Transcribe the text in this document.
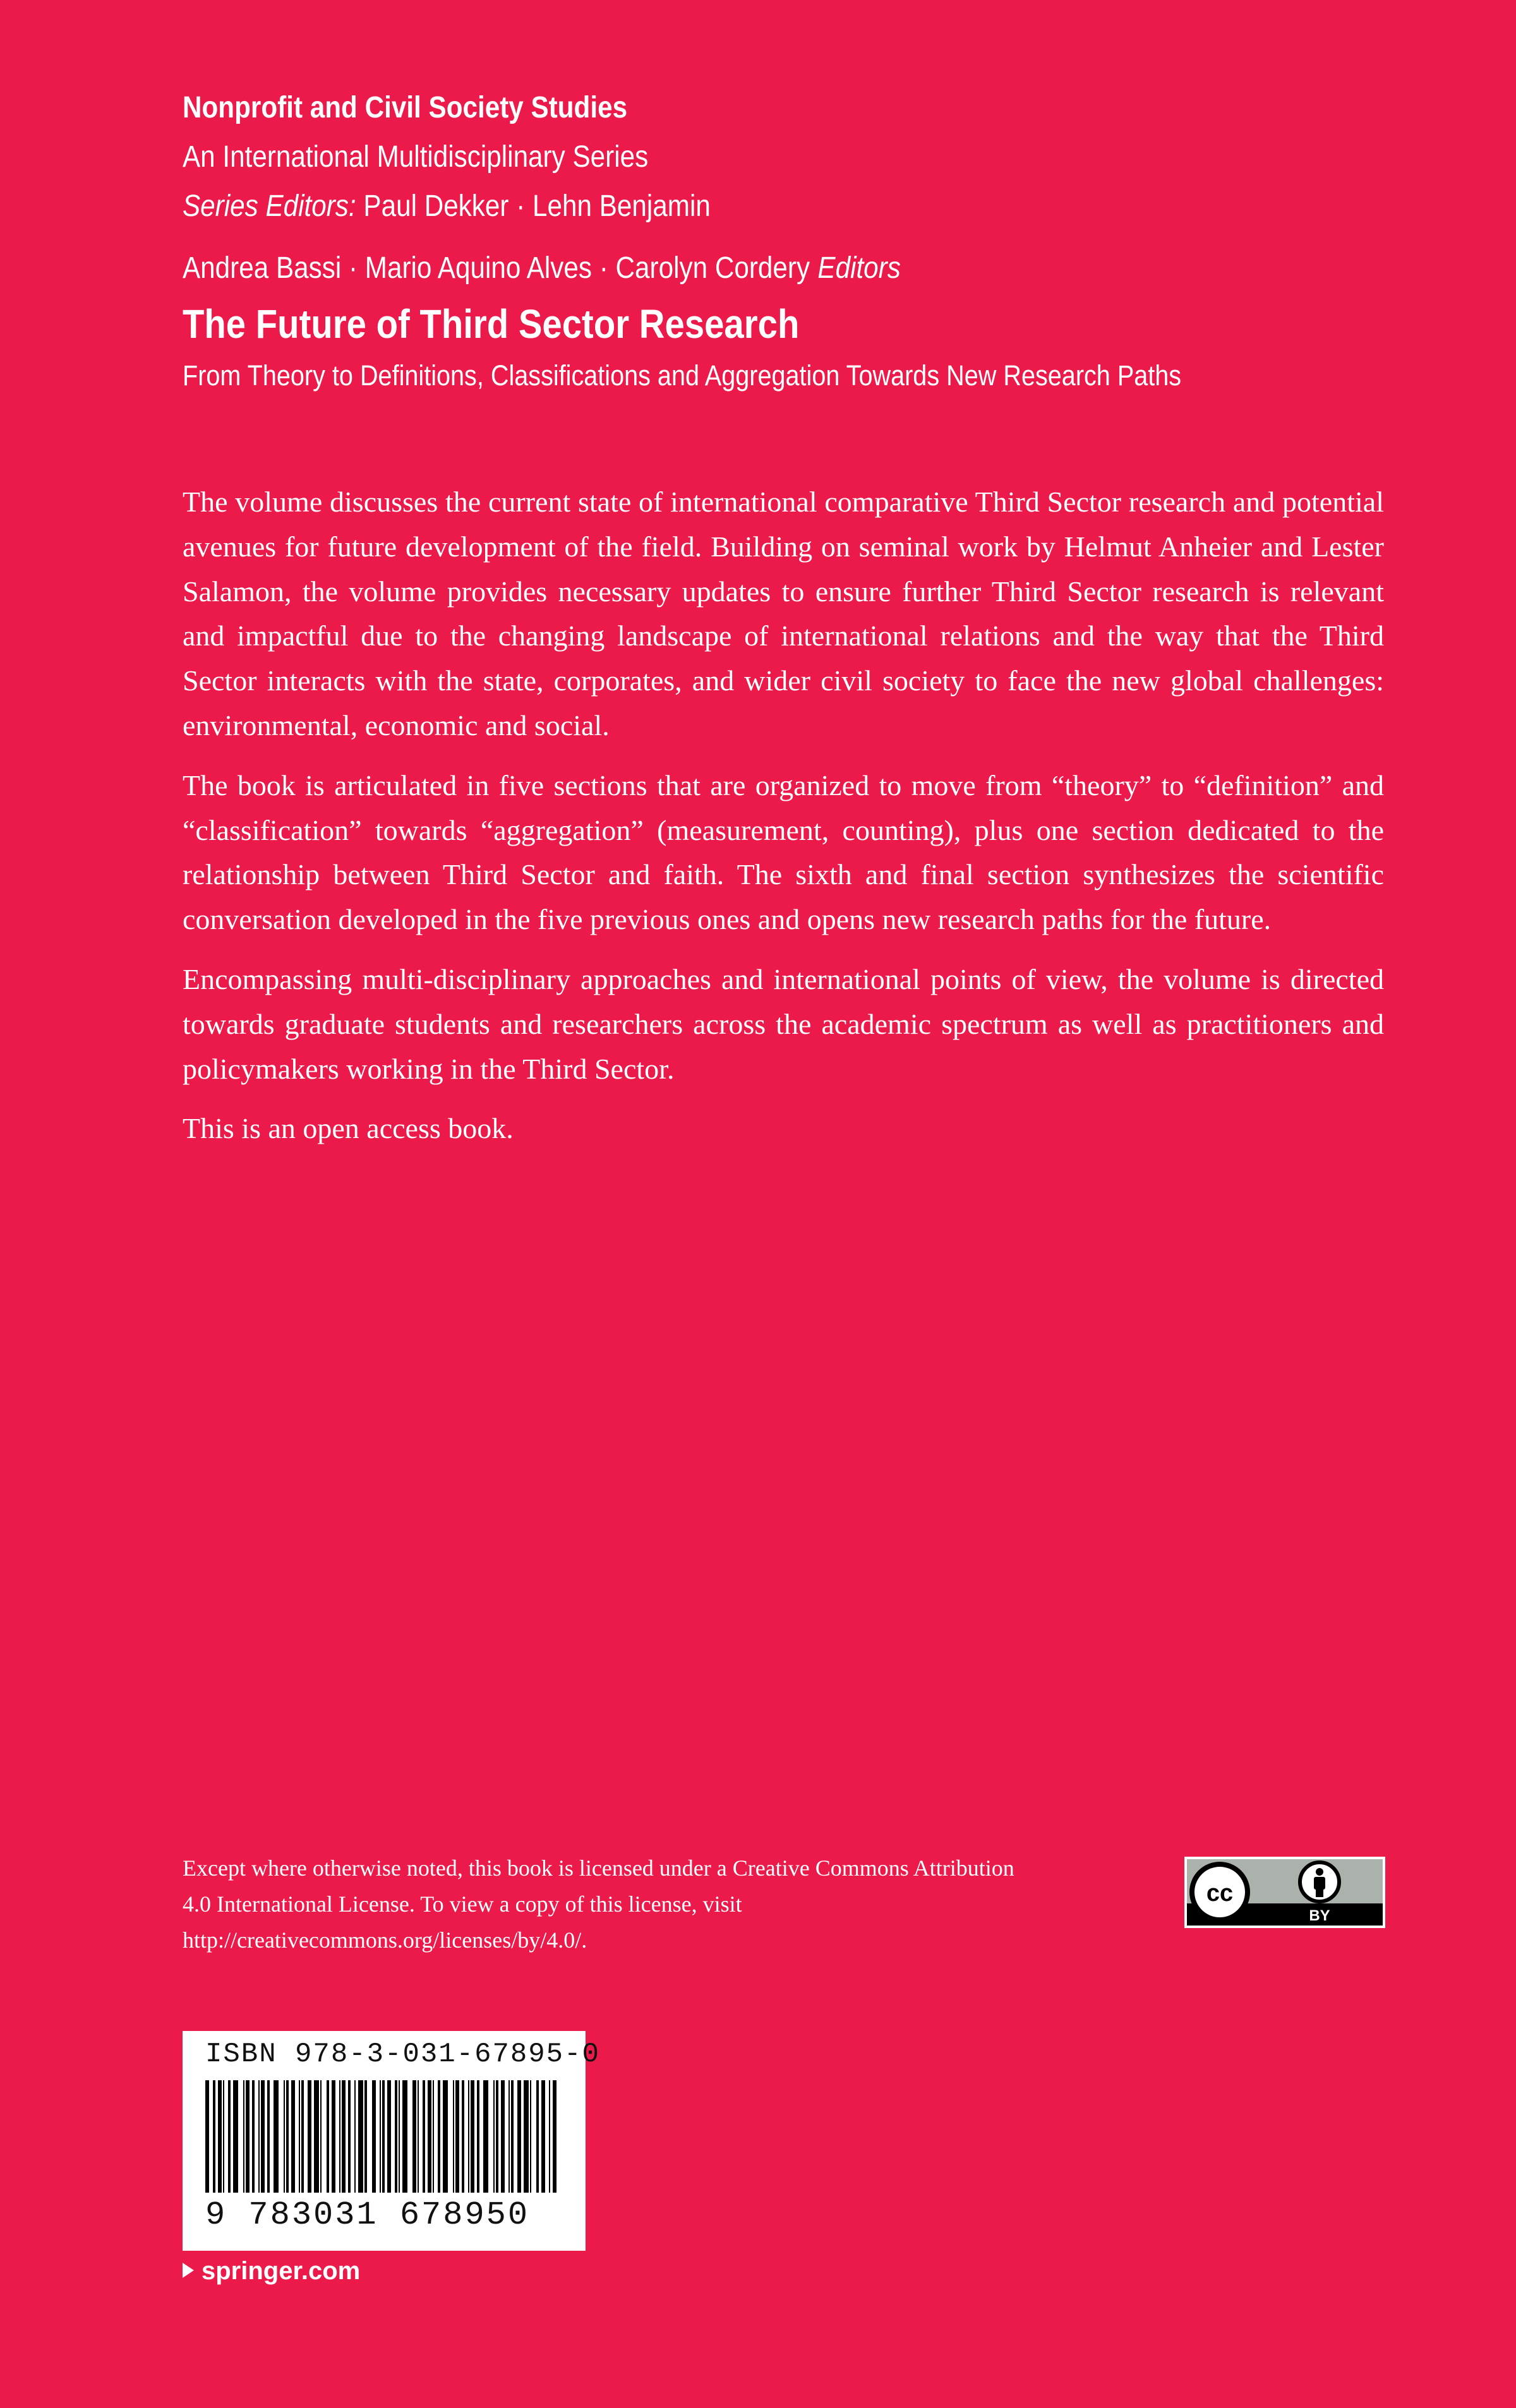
Nonprofit and Civil Society Studies
An International Multidisciplinary Series
Series Editors: Paul Dekker · Lehn Benjamin
Andrea Bassi · Mario Aquino Alves · Carolyn Cordery Editors
The Future of Third Sector Research
From Theory to Definitions, Classifications and Aggregation Towards New Research Paths

The volume discusses the current state of international comparative Third Sector research and potential avenues for future development of the field. Building on seminal work by Helmut Anheier and Lester Salamon, the volume provides necessary updates to ensure further Third Sector research is relevant and impactful due to the changing landscape of international relations and the way that the Third Sector interacts with the state, corporates, and wider civil society to face the new global challenges: environmental, economic and social.

The book is articulated in five sections that are organized to move from “theory” to “definition” and “classification” towards “aggregation” (measurement, counting), plus one section dedicated to the relationship between Third Sector and faith. The sixth and final section synthesizes the scientific conversation developed in the five previous ones and opens new research paths for the future.

Encompassing multi-disciplinary approaches and international points of view, the volume is directed towards graduate students and researchers across the academic spectrum as well as practitioners and policymakers working in the Third Sector.

This is an open access book.

Except where otherwise noted, this book is licensed under a Creative Commons Attribution 4.0 International License. To view a copy of this license, visit http://creativecommons.org/licenses/by/4.0/.
cc
BY
ISBN 978-3-031-67895-0
9 783031 678950
springer.com
